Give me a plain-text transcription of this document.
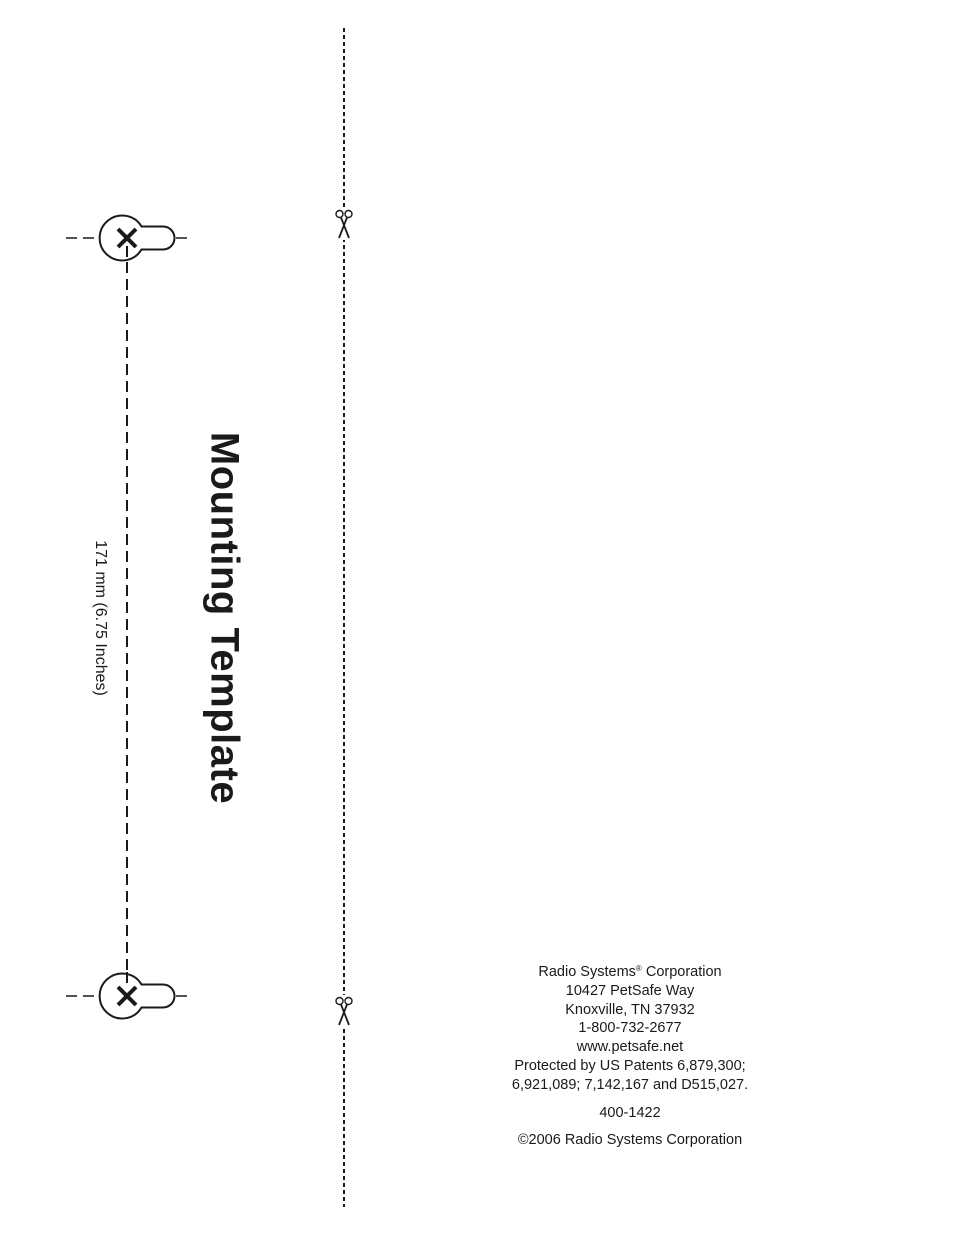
Mounting Template
171 mm (6.75 Inches)
Radio Systems® Corporation
10427 PetSafe Way
Knoxville, TN 37932
1-800-732-2677
www.petsafe.net
Protected by US Patents 6,879,300;
6,921,089; 7,142,167 and D515,027.
400-1422
©2006 Radio Systems Corporation
